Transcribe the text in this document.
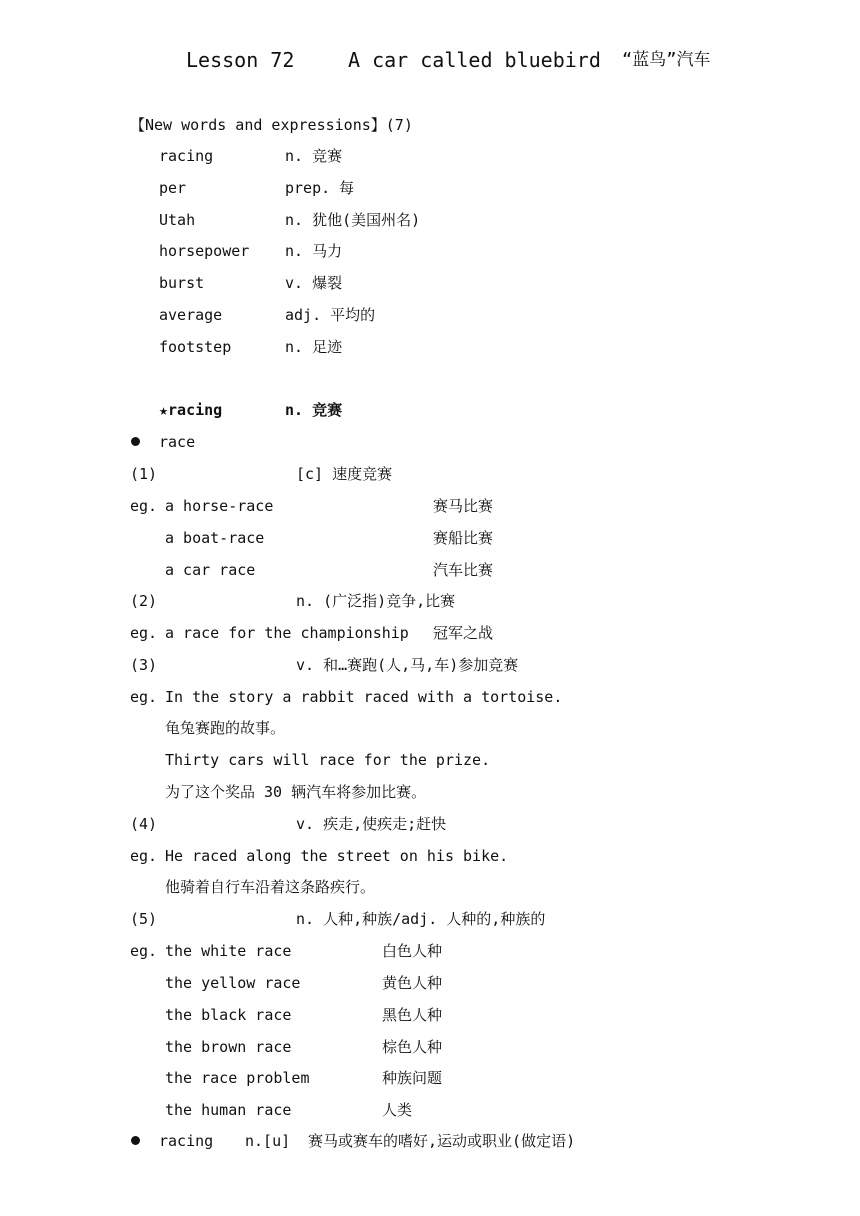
Lesson 72	A car called bluebird “蓝鸟”汽车
【New words and expressions】(7)
racing	n. 竞赛
per	prep. 每
Utah	n. 犹他(美国州名)
horsepower n. 马力
burst	v. 爆裂
average	adj. 平均的
footstep	n. 足迹
★racing	n. 竞赛
race
(1)	[c] 速度竞赛
eg. a horse-race	赛马比赛
a boat-race	赛船比赛
a car race	汽车比赛
(2)	n. (广泛指)竞争,比赛
eg. a race for the championship 冠军之战
(3)	v. 和…赛跑(人,马,车)参加竞赛
eg. In the story a rabbit raced with a tortoise.
龟兔赛跑的故事。
Thirty cars will race for the prize.
为了这个奖品 30 辆汽车将参加比赛。
(4)	v. 疾走,使疾走;赶快
eg. He raced along the street on his bike.
他骑着自行车沿着这条路疾行。
(5)	n. 人种,种族/adj. 人种的,种族的
eg. the white race	白色人种
the yellow race	黄色人种
the black race	黑色人种
the brown race	棕色人种
the race problem	种族问题
the human race	人类
racing n.[u] 赛马或赛车的嗜好,运动或职业(做定语)
